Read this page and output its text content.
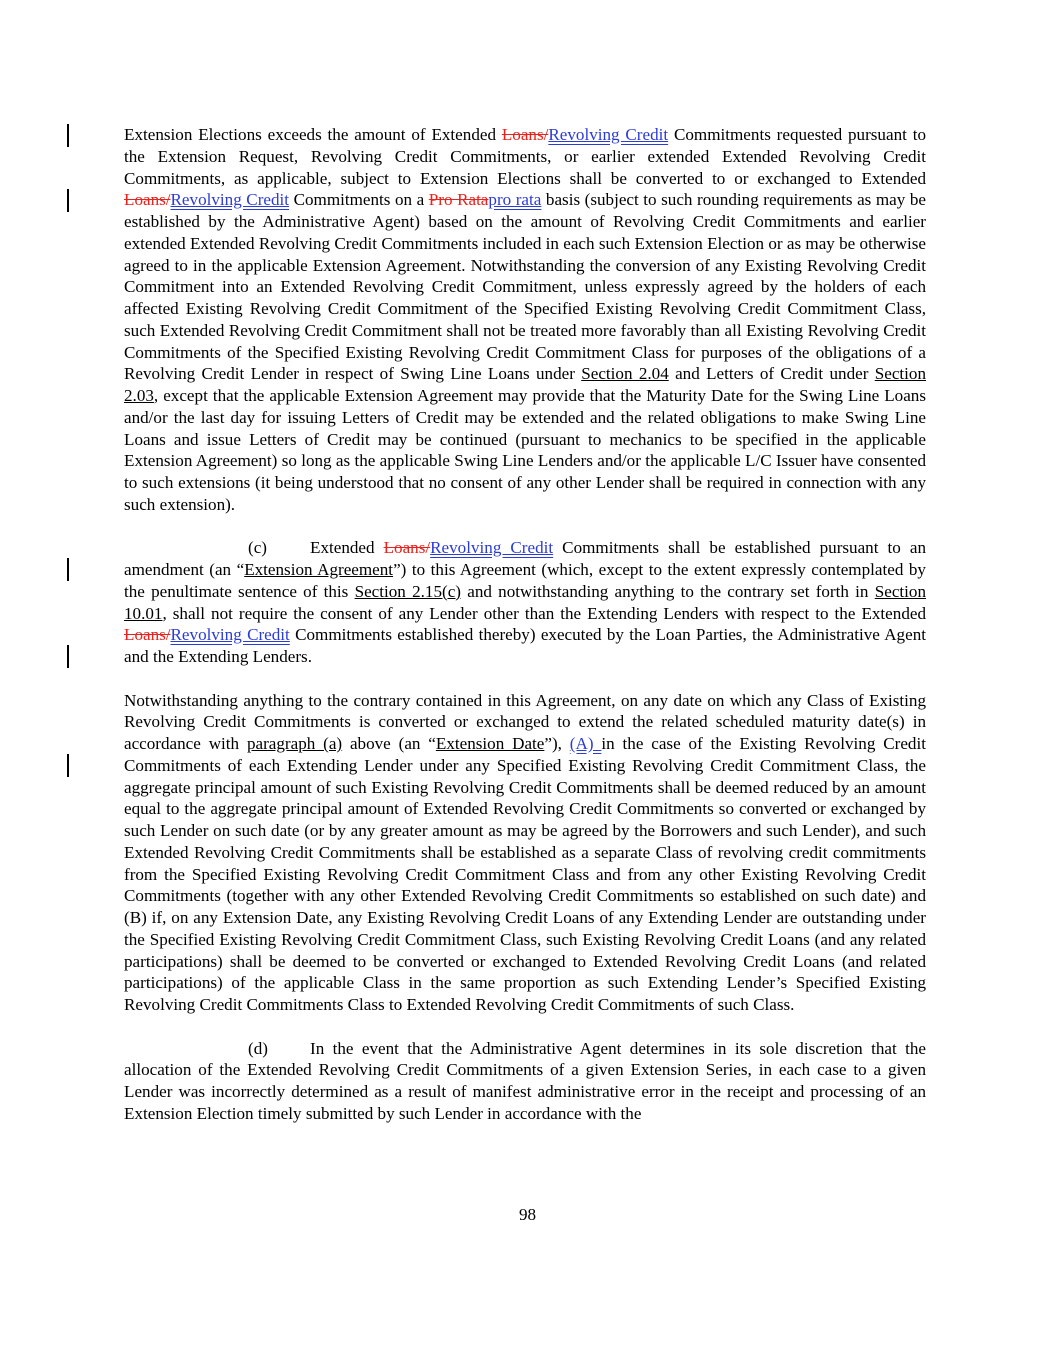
Extension Elections exceeds the amount of Extended Loans/Revolving Credit Commitments requested pursuant to the Extension Request, Revolving Credit Commitments, or earlier extended Extended Revolving Credit Commitments, as applicable, subject to Extension Elections shall be converted to or exchanged to Extended Loans/Revolving Credit Commitments on a Pro Ratapro rata basis (subject to such rounding requirements as may be established by the Administrative Agent) based on the amount of Revolving Credit Commitments and earlier extended Extended Revolving Credit Commitments included in each such Extension Election or as may be otherwise agreed to in the applicable Extension Agreement. Notwithstanding the conversion of any Existing Revolving Credit Commitment into an Extended Revolving Credit Commitment, unless expressly agreed by the holders of each affected Existing Revolving Credit Commitment of the Specified Existing Revolving Credit Commitment Class, such Extended Revolving Credit Commitment shall not be treated more favorably than all Existing Revolving Credit Commitments of the Specified Existing Revolving Credit Commitment Class for purposes of the obligations of a Revolving Credit Lender in respect of Swing Line Loans under Section 2.04 and Letters of Credit under Section 2.03, except that the applicable Extension Agreement may provide that the Maturity Date for the Swing Line Loans and/or the last day for issuing Letters of Credit may be extended and the related obligations to make Swing Line Loans and issue Letters of Credit may be continued (pursuant to mechanics to be specified in the applicable Extension Agreement) so long as the applicable Swing Line Lenders and/or the applicable L/C Issuer have consented to such extensions (it being understood that no consent of any other Lender shall be required in connection with any such extension).

(c)	Extended Loans/Revolving Credit Commitments shall be established pursuant to an amendment (an “Extension Agreement”) to this Agreement (which, except to the extent expressly contemplated by the penultimate sentence of this Section 2.15(c) and notwithstanding anything to the contrary set forth in Section 10.01, shall not require the consent of any Lender other than the Extending Lenders with respect to the Extended Loans/Revolving Credit Commitments established thereby) executed by the Loan Parties, the Administrative Agent and the Extending Lenders.

Notwithstanding anything to the contrary contained in this Agreement, on any date on which any Class of Existing Revolving Credit Commitments is converted or exchanged to extend the related scheduled maturity date(s) in accordance with paragraph (a) above (an “Extension Date”), (A) in the case of the Existing Revolving Credit Commitments of each Extending Lender under any Specified Existing Revolving Credit Commitment Class, the aggregate principal amount of such Existing Revolving Credit Commitments shall be deemed reduced by an amount equal to the aggregate principal amount of Extended Revolving Credit Commitments so converted or exchanged by such Lender on such date (or by any greater amount as may be agreed by the Borrowers and such Lender), and such Extended Revolving Credit Commitments shall be established as a separate Class of revolving credit commitments from the Specified Existing Revolving Credit Commitment Class and from any other Existing Revolving Credit Commitments (together with any other Extended Revolving Credit Commitments so established on such date) and (B) if, on any Extension Date, any Existing Revolving Credit Loans of any Extending Lender are outstanding under the Specified Existing Revolving Credit Commitment Class, such Existing Revolving Credit Loans (and any related participations) shall be deemed to be converted or exchanged to Extended Revolving Credit Loans (and related participations) of the applicable Class in the same proportion as such Extending Lender’s Specified Existing Revolving Credit Commitments Class to Extended Revolving Credit Commitments of such Class.

(d) In the event that the Administrative Agent determines in its sole discretion that the allocation of the Extended Revolving Credit Commitments of a given Extension Series, in each case to a given Lender was incorrectly determined as a result of manifest administrative error in the receipt and processing of an Extension Election timely submitted by such Lender in accordance with the

98
